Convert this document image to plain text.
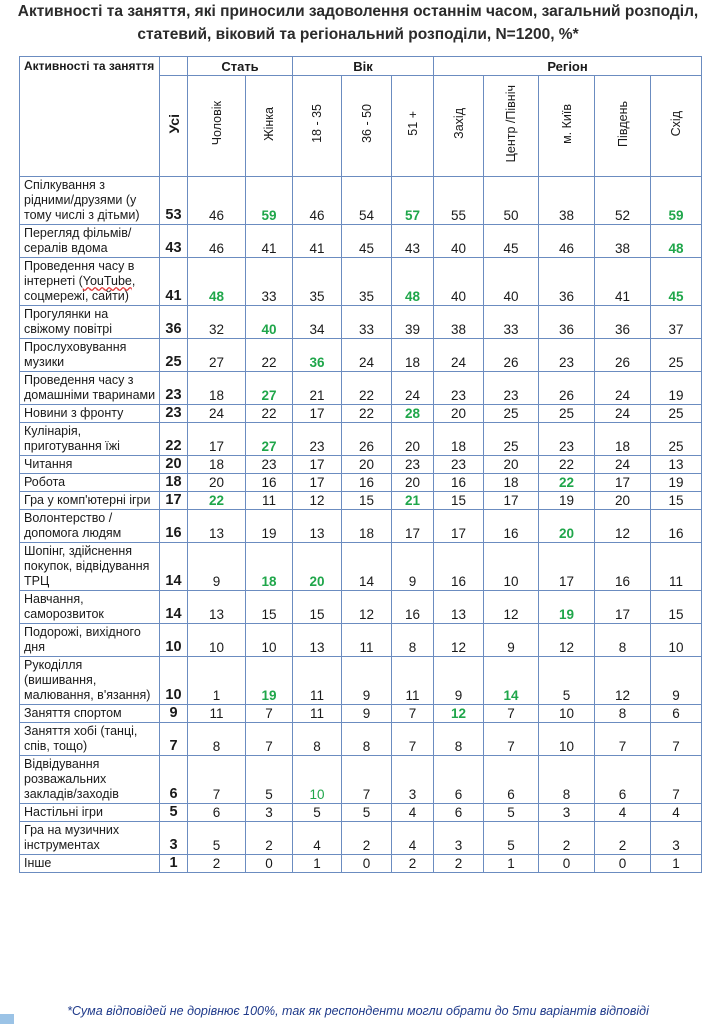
Активності та заняття, які приносили задоволення останнім часом, загальний розподіл,
статевий, віковий та регіональний розподіли, N=1200, %*
Активності та заняття		Стать		Вік			Регіон				
	Усі	Чоловік	Жінка	18 - 35	36 - 50	51 +	Захід	Центр /Північ	м. Київ	Південь	Схід
Спілкування з рідними/друзями (у тому числі з дітьми)	53	46	59	46	54	57	55	50	38	52	59
Перегляд фільмів/сералів вдома	43	46	41	41	45	43	40	45	46	38	48
Проведення часу в інтернеті (YouTube, соцмережі, сайти)	41	48	33	35	35	48	40	40	36	41	45
Прогулянки на свіжому повітрі	36	32	40	34	33	39	38	33	36	36	37
Прослуховування музики	25	27	22	36	24	18	24	26	23	26	25
Проведення часу з домашніми тваринами	23	18	27	21	22	24	23	23	26	24	19
Новини з фронту	23	24	22	17	22	28	20	25	25	24	25
Кулінарія, приготування їжі	22	17	27	23	26	20	18	25	23	18	25
Читання	20	18	23	17	20	23	23	20	22	24	13
Робота	18	20	16	17	16	20	16	18	22	17	19
Гра у комп'ютерні ігри	17	22	11	12	15	21	15	17	19	20	15
Волонтерство /допомога людям	16	13	19	13	18	17	17	16	20	12	16
Шопінг, здійснення покупок, відвідування ТРЦ	14	9	18	20	14	9	16	10	17	16	11
Навчання, саморозвиток	14	13	15	15	12	16	13	12	19	17	15
Подорожі, вихідного дня	10	10	10	13	11	8	12	9	12	8	10
Рукоділля (вишивання, малювання, в'язання)	10	1	19	11	9	11	9	14	5	12	9
Заняття спортом	9	11	7	11	9	7	12	7	10	8	6
Заняття хобі (танці, спів, тощо)	7	8	7	8	8	7	8	7	10	7	7
Відвідування розважальних закладів/заходів	6	7	5	10	7	3	6	6	8	6	7
Настільні ігри	5	6	3	5	5	4	6	5	3	4	4
Гра на музичних інструментах	3	5	2	4	2	4	3	5	2	2	3
Інше	1	2	0	1	0	2	2	1	0	0	1
*Сума відповідей не дорівнює 100%, так як респонденти могли обрати до 5ти варіантів відповіді
